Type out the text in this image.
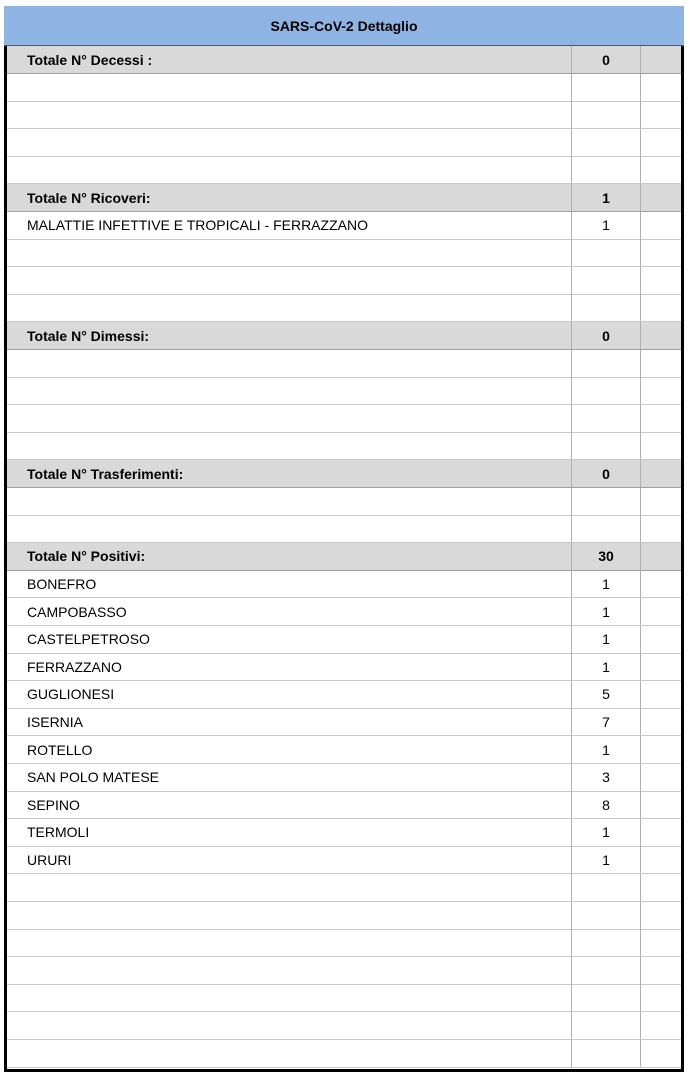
SARS-CoV-2 Dettaglio
Totale N° Decessi :	0
Totale N° Ricoveri:	1
MALATTIE INFETTIVE E TROPICALI - FERRAZZANO	1
Totale N° Dimessi:	0
Totale N° Trasferimenti:	0
Totale N° Positivi:	30
BONEFRO	1
CAMPOBASSO	1
CASTELPETROSO	1
FERRAZZANO	1
GUGLIONESI	5
ISERNIA	7
ROTELLO	1
SAN POLO MATESE	3
SEPINO	8
TERMOLI	1
URURI	1
